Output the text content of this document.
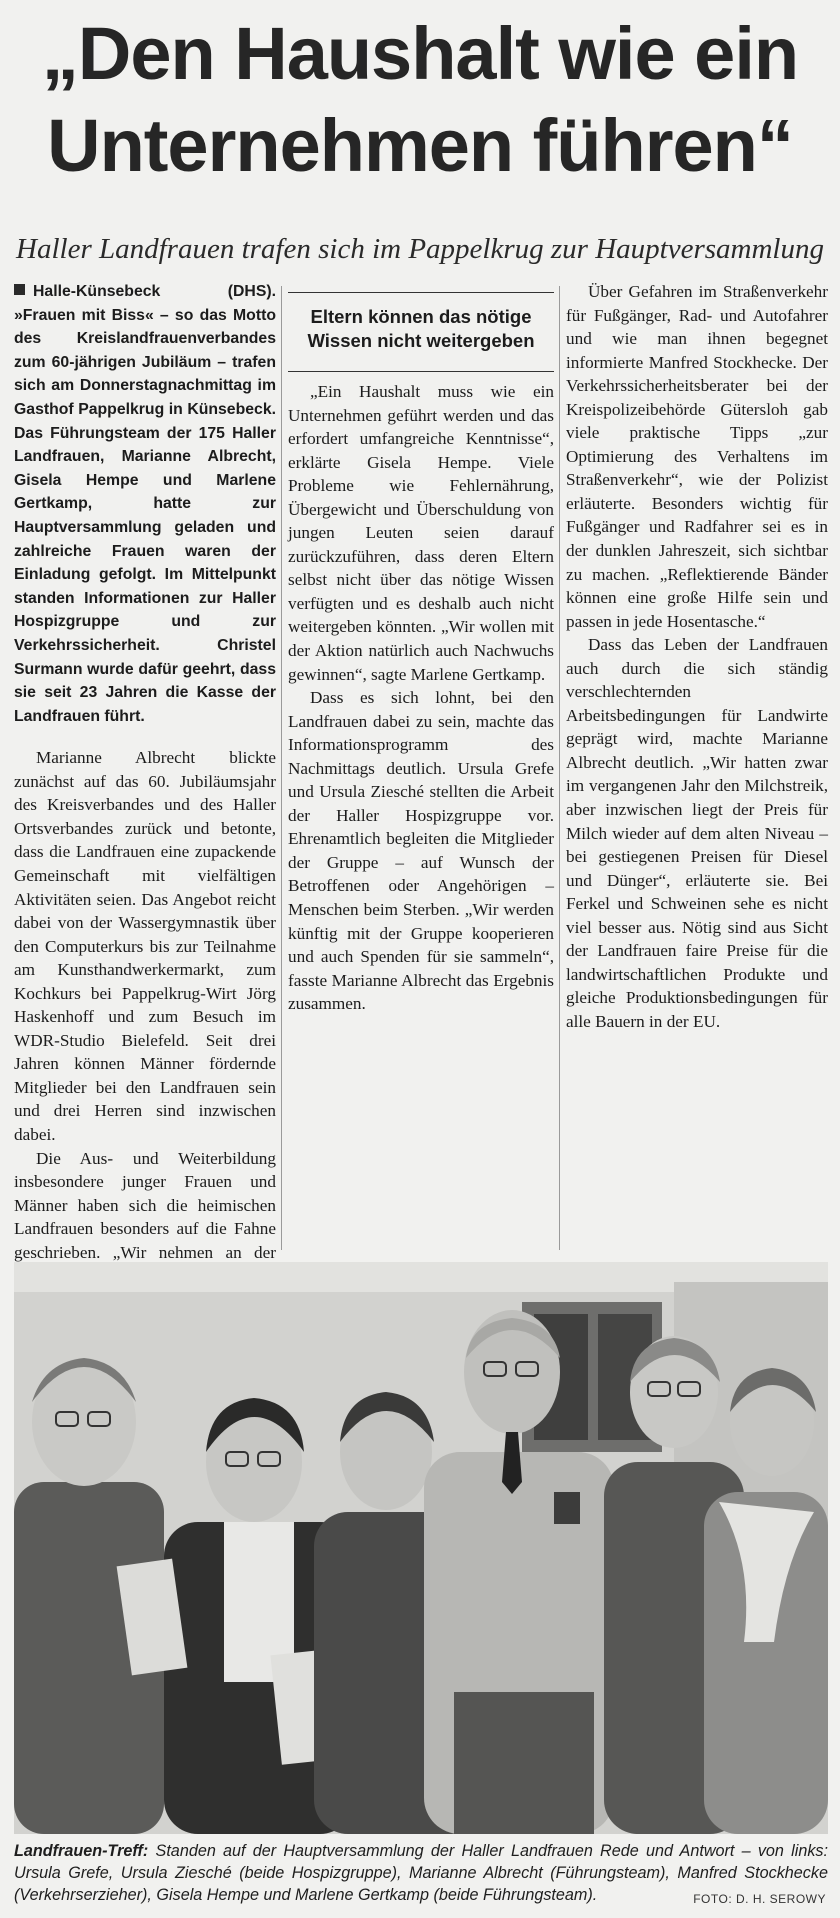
„Den Haushalt wie ein
Unternehmen führen“
Haller Landfrauen trafen sich im Pappelkrug zur Hauptversammlung

Halle-Künsebeck (DHS). »Frauen mit Biss« – so das Motto des Kreislandfrauenverbandes zum 60-jährigen Jubiläum – trafen sich am Donnerstagnachmittag im Gasthof Pappelkrug in Künsebeck. Das Führungsteam der 175 Haller Landfrauen, Marianne Albrecht, Gisela Hempe und Marlene Gertkamp, hatte zur Hauptversammlung geladen und zahlreiche Frauen waren der Einladung gefolgt. Im Mittelpunkt standen Informationen zur Haller Hospizgruppe und zur Verkehrssicherheit. Christel Surmann wurde dafür geehrt, dass sie seit 23 Jahren die Kasse der Landfrauen führt.

Marianne Albrecht blickte zunächst auf das 60. Jubiläumsjahr des Kreisverbandes und des Haller Ortsverbandes zurück und betonte, dass die Landfrauen eine zupackende Gemeinschaft mit vielfältigen Aktivitäten seien. Das Angebot reicht dabei von der Wassergymnastik über den Computerkurs bis zur Teilnahme am Kunsthandwerkermarkt, zum Kochkurs bei Pappelkrug-Wirt Jörg Haskenhoff und zum Besuch im WDR-Studio Bielefeld. Seit drei Jahren können Männer fördernde Mitglieder bei den Landfrauen sein und drei Herren sind inzwischen dabei.

Die Aus- und Weiterbildung insbesondere junger Frauen und Männer haben sich die heimischen Landfrauen besonders auf die Fahne geschrieben. „Wir nehmen an der

Eltern können das nötige Wissen nicht weitergeben

„Ein Haushalt muss wie ein Unternehmen geführt werden und das erfordert umfangreiche Kenntnisse“, erklärte Gisela Hempe. Viele Probleme wie Fehlernährung, Übergewicht und Überschuldung von jungen Leuten seien darauf zurückzuführen, dass deren Eltern selbst nicht über das nötige Wissen verfügten und es deshalb auch nicht weitergeben könnten. „Wir wollen mit der Aktion natürlich auch Nachwuchs gewinnen“, sagte Marlene Gertkamp.

Dass es sich lohnt, bei den Landfrauen dabei zu sein, machte das Informationsprogramm des Nachmittags deutlich. Ursula Grefe und Ursula Ziesché stellten die Arbeit der Haller Hospizgruppe vor. Ehrenamtlich begleiten die Mitglieder der Gruppe – auf Wunsch der Betroffenen oder Angehörigen – Menschen beim Sterben. „Wir werden künftig mit der Gruppe kooperieren und auch Spenden für sie sammeln“, fasste Marianne Albrecht das Ergebnis zusammen.

Über Gefahren im Straßenverkehr für Fußgänger, Rad- und Autofahrer und wie man ihnen begegnet informierte Manfred Stockhecke. Der Verkehrssicherheitsberater bei der Kreispolizeibehörde Gütersloh gab viele praktische Tipps „zur Optimierung des Verhaltens im Straßenverkehr“, wie der Polizist erläuterte. Besonders wichtig für Fußgänger und Radfahrer sei es in der dunklen Jahreszeit, sich sichtbar zu machen. „Reflektierende Bänder können eine große Hilfe sein und passen in jede Hosentasche.“

Dass das Leben der Landfrauen auch durch die sich ständig verschlechternden Arbeitsbedingungen für Landwirte geprägt wird, machte Marianne Albrecht deutlich. „Wir hatten zwar im vergangenen Jahr den Milchstreik, aber inzwischen liegt der Preis für Milch wieder auf dem alten Niveau – bei gestiegenen Preisen für Diesel und Dünger“, erläuterte sie. Bei Ferkel und Schweinen sehe es nicht viel besser aus. Nötig sind aus Sicht der Landfrauen faire Preise für die landwirtschaftlichen Produkte und gleiche Produktionsbedingungen für alle Bauern in der EU.

Landfrauen-Treff: Standen auf der Hauptversammlung der Haller Landfrauen Rede und Antwort – von links: Ursula Grefe, Ursula Ziesché (beide Hospizgruppe), Marianne Albrecht (Führungsteam), Manfred Stockhecke (Verkehrserzieher), Gisela Hempe und Marlene Gertkamp (beide Führungsteam).	FOTO: D. H. SEROWY
